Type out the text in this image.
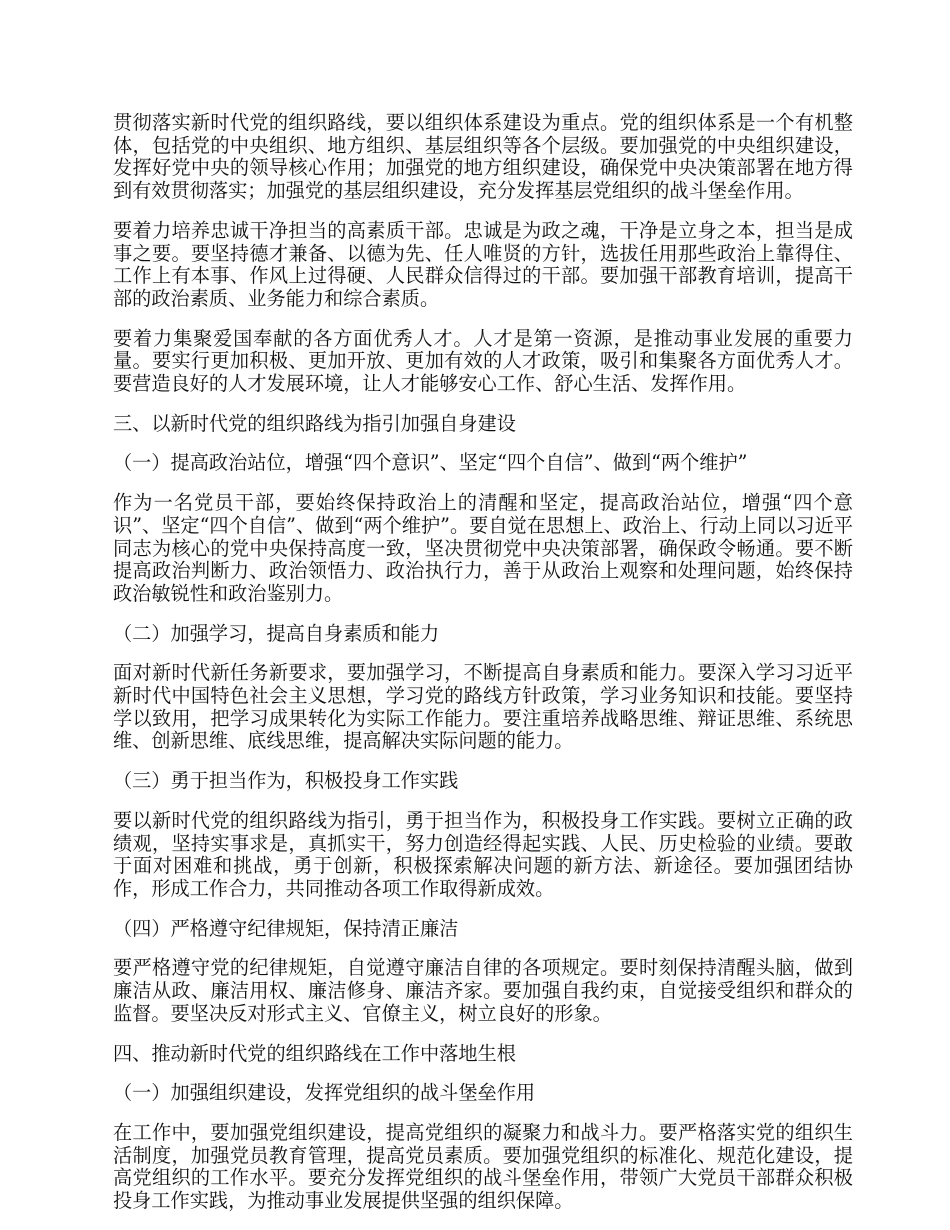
贯彻落实新时代党的组织路线，要以组织体系建设为重点。党的组织体系是一个有机整体，包括党的中央组织、地方组织、基层组织等各个层级。要加强党的中央组织建设，发挥好党中央的领导核心作用；加强党的地方组织建设，确保党中央决策部署在地方得到有效贯彻落实；加强党的基层组织建设，充分发挥基层党组织的战斗堡垒作用。

要着力培养忠诚干净担当的高素质干部。忠诚是为政之魂，干净是立身之本，担当是成事之要。要坚持德才兼备、以德为先、任人唯贤的方针，选拔任用那些政治上靠得住、工作上有本事、作风上过得硬、人民群众信得过的干部。要加强干部教育培训，提高干部的政治素质、业务能力和综合素质。

要着力集聚爱国奉献的各方面优秀人才。人才是第一资源，是推动事业发展的重要力量。要实行更加积极、更加开放、更加有效的人才政策，吸引和集聚各方面优秀人才。要营造良好的人才发展环境，让人才能够安心工作、舒心生活、发挥作用。

三、以新时代党的组织路线为指引加强自身建设

（一）提高政治站位，增强“四个意识”、坚定“四个自信”、做到“两个维护”

作为一名党员干部，要始终保持政治上的清醒和坚定，提高政治站位，增强“四个意识”、坚定“四个自信”、做到“两个维护”。要自觉在思想上、政治上、行动上同以习近平同志为核心的党中央保持高度一致，坚决贯彻党中央决策部署，确保政令畅通。要不断提高政治判断力、政治领悟力、政治执行力，善于从政治上观察和处理问题，始终保持政治敏锐性和政治鉴别力。

（二）加强学习，提高自身素质和能力

面对新时代新任务新要求，要加强学习，不断提高自身素质和能力。要深入学习习近平新时代中国特色社会主义思想，学习党的路线方针政策，学习业务知识和技能。要坚持学以致用，把学习成果转化为实际工作能力。要注重培养战略思维、辩证思维、系统思维、创新思维、底线思维，提高解决实际问题的能力。

（三）勇于担当作为，积极投身工作实践

要以新时代党的组织路线为指引，勇于担当作为，积极投身工作实践。要树立正确的政绩观，坚持实事求是，真抓实干，努力创造经得起实践、人民、历史检验的业绩。要敢于面对困难和挑战，勇于创新，积极探索解决问题的新方法、新途径。要加强团结协作，形成工作合力，共同推动各项工作取得新成效。

（四）严格遵守纪律规矩，保持清正廉洁

要严格遵守党的纪律规矩，自觉遵守廉洁自律的各项规定。要时刻保持清醒头脑，做到廉洁从政、廉洁用权、廉洁修身、廉洁齐家。要加强自我约束，自觉接受组织和群众的监督。要坚决反对形式主义、官僚主义，树立良好的形象。

四、推动新时代党的组织路线在工作中落地生根

（一）加强组织建设，发挥党组织的战斗堡垒作用

在工作中，要加强党组织建设，提高党组织的凝聚力和战斗力。要严格落实党的组织生活制度，加强党员教育管理，提高党员素质。要加强党组织的标准化、规范化建设，提高党组织的工作水平。要充分发挥党组织的战斗堡垒作用，带领广大党员干部群众积极投身工作实践，为推动事业发展提供坚强的组织保障。
